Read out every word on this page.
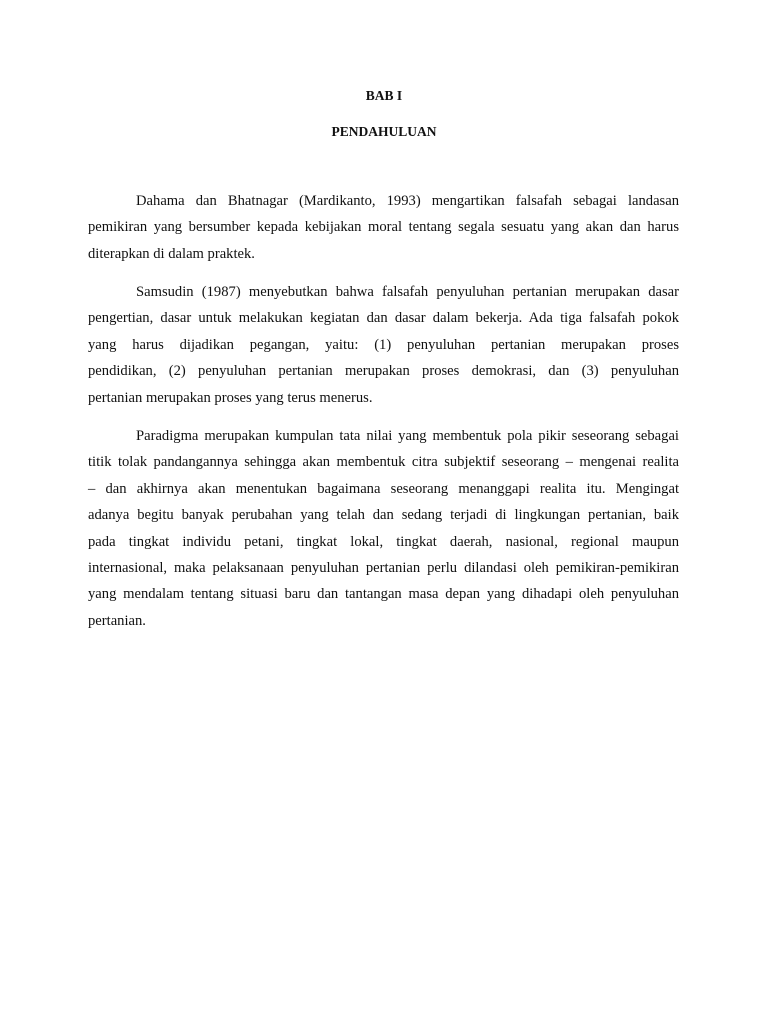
BAB I
PENDAHULUAN
Dahama dan Bhatnagar (Mardikanto, 1993) mengartikan falsafah sebagai landasan
pemikiran yang bersumber kepada kebijakan moral tentang segala sesuatu yang akan dan harus
diterapkan di dalam praktek.
Samsudin (1987) menyebutkan bahwa falsafah penyuluhan pertanian merupakan dasar
pengertian, dasar untuk melakukan kegiatan dan dasar dalam bekerja. Ada tiga falsafah pokok
yang harus dijadikan pegangan, yaitu: (1) penyuluhan pertanian merupakan proses
pendidikan, (2) penyuluhan pertanian merupakan proses demokrasi, dan (3) penyuluhan
pertanian merupakan proses yang terus menerus.
Paradigma merupakan kumpulan tata nilai yang membentuk pola pikir seseorang sebagai
titik tolak pandangannya sehingga akan membentuk citra subjektif seseorang – mengenai realita
– dan akhirnya akan menentukan bagaimana seseorang menanggapi realita itu. Mengingat
adanya begitu banyak perubahan yang telah dan sedang terjadi di lingkungan pertanian, baik
pada tingkat individu petani, tingkat lokal, tingkat daerah, nasional, regional maupun
internasional, maka pelaksanaan penyuluhan pertanian perlu dilandasi oleh pemikiran-pemikiran
yang mendalam tentang situasi baru dan tantangan masa depan yang dihadapi oleh penyuluhan
pertanian.
